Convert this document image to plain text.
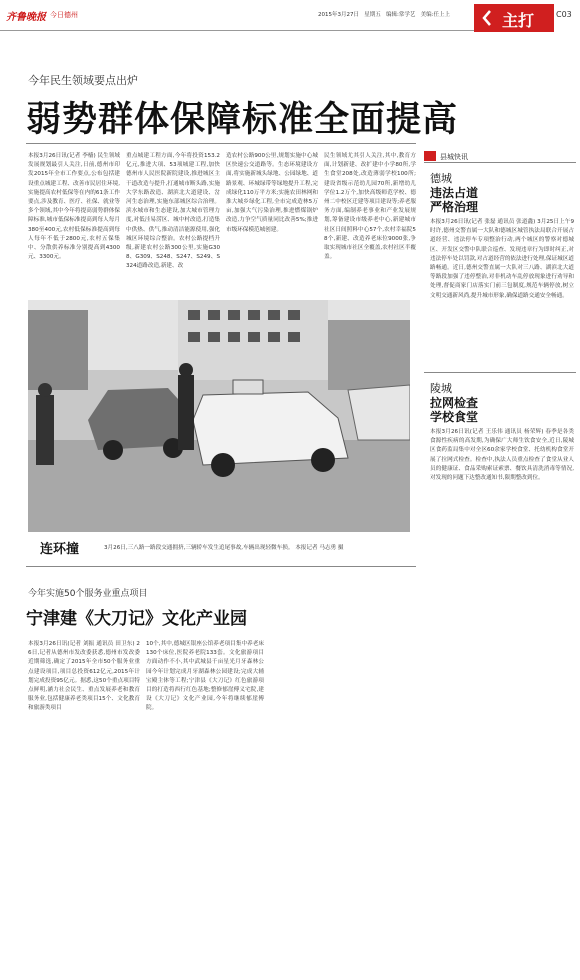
齐鲁晚报 今日德州	2015年3月27日 星期五 编辑:常学艺 美编:任上上	主打	C03
今年民生领域要点出炉
弱势群体保障标准全面提高
本报3月26日讯(记者 李樯) 民生领域发展规划最引人关注,日前,德州市印发2015年全市工作要点,公布包括建设重点城建工程、改善市民居住环境,实施提高农村低保等在内的61条工作要点,涉及教育、医疗、社保、就业等多个领域,其中今年将提高弱势群体保障标准,城市低保标准提高到每人每月380至400元,农村低保标准提高到每人每年不低于2800元,农村五保集中、分散供养标准分别提高到4300元、3300元。
重点城建工程方面,今年将投资153.2亿元,推进大项、53项城建工程,加快德州市人民医院新院建设,推进城区主干道改造与提升,打通城市断头路,实施大学东路改造、湖滨北大道建设、岔河生态治理,实施东部城区综合治理。滨水城市和生态建设,加大城市管理力度,对低洼易涝区、城中村改造,打造集中供热、供气,推动清洁能源使用,强化城区环境综合整治。农村公路提档升级,新建农村公路300公里,实施G308、G309、S248、S247、S249、S324道路改造,新建、改
造农村公路900公里,规划实施中心城区快速公交道路等。生态环境建设方面,将实施新城头绿地、公园绿地、道路景观、环城绿带等绿地提升工程,完成绿化110万平方米;实施农田林网和淮大城乡绿化工程,全市完成造林5万亩,加强大气污染治理,推进燃煤锅炉改造,力争空气质量同比改善5%;推进市级环保模范城创建。
民生领域尤其引人关注,其中,教育方面,计划新建、改扩建中小学80所,学生食堂208处,改造薄弱学校100所;建设省级示范幼儿园70所,新增幼儿学位1.2万个,加快高级师范学校、德州二中校区迁建等项目建设等;养老服务方面,编制养老事业和产业发展规划,筹备建设市级养老中心,新建城市社区日间照料中心57个,农村幸福院58个,新建、改造养老床位9000张,争取实现城市社区全覆盖,农村社区半覆盖。
连环撞	3月26日,三八路一路段交通拥挤,三辆轿车发生追尾事故,车辆出现轻微车损。 本报记者 马志勇 摄
今年实施50个服务业重点项目
宁津建《大刀记》文化产业园
本报3月26日讯(记者 刘振 通讯员 田卫东) 26日,记者从德州市发改委获悉,德州市发改委近期筛选,确定了2015年全市50个服务业重点建设项目,项目总投资612亿元,2015年计划完成投资95亿元。据悉,这50个重点项目特点鲜明,涵力社会民生、重点发展养老和教育服务业,包括健康养老类项目15个、文化教育和旅游类项目
10个,其中,德城区银座公馆养老项目集中养老床130个床位,医院养老院133套。文化旅游项目方面动作不小,其中武城县千亩星光月牙森林公园今年计划完成月牙湖森林公园建设;完成大辅宝殿主体等工程;宁津县《大刀记》红色旅游项目的打造将西行红色基地;整修郁崖傅义宅院,建设《大刀记》文化产业园,今年将继续郁崖傅院。
县城快讯
德城
违法占道
严格治理
本报3月26日讯(记者 张磊 通讯员 张道鑫) 3月25日上午9时许,德州交警直属一大队和德城区城管执法局联合开展占道经营、违法停车专项整治行动,两个城区的警察对德城区、开发区交警中队联合巡查、发现违章行为即时纠正,对违法停车处以罚款,对占道经营的依法进行处理,保证城区道路畅通。近日,德州交警直属一大队对三八路、湖滨北大道等路段加强了违停整治,对非机动车乱停放现象进行劝导和处理,督促商家门店落实门前三包制度,规范车辆停放,树立文明交通新风尚,提升城市形象,确保道路交通安全畅通。
陵城
拉网检查
学校食堂
本报3月26日讯(记者 王乐伟 通讯员 杨荣辉) 春季是各类食源性疾病的高发期,为确保广大师生饮食安全,近日,陵城区食药监局集中对全区60余家学校食堂、托幼机构食堂开展了拉网式检查。检查中,执法人员重点检查了食堂从业人员的健康证、食品采购索证索票、餐饮具清洗消毒等情况,对发现的问题下达整改通知书,限期整改到位。
